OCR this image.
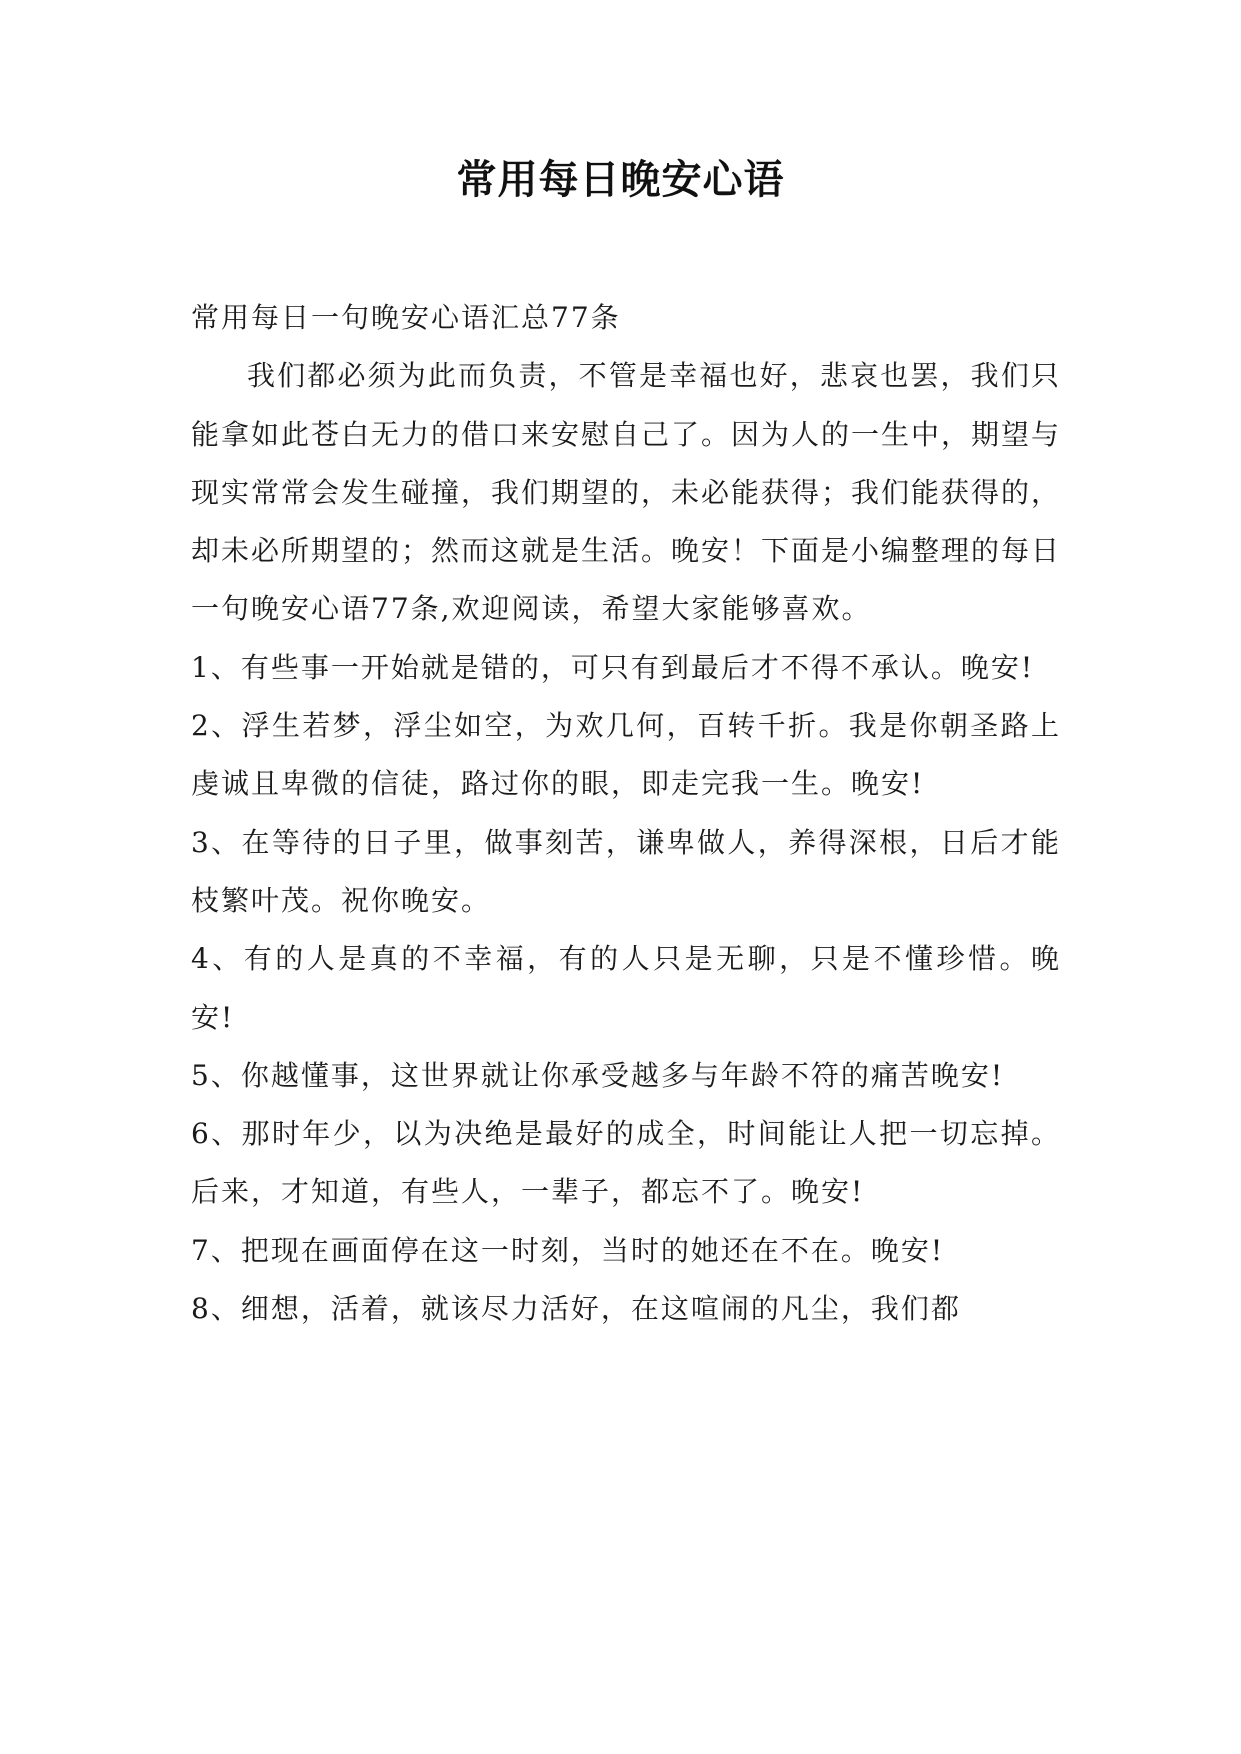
常用每日晚安心语

常用每日一句晚安心语汇总77条

我们都必须为此而负责，不管是幸福也好，悲哀也罢，我们只能拿如此苍白无力的借口来安慰自己了。因为人的一生中，期望与现实常常会发生碰撞，我们期望的，未必能获得；我们能获得的，却未必所期望的；然而这就是生活。晚安！下面是小编整理的每日一句晚安心语77条,欢迎阅读，希望大家能够喜欢。

1、有些事一开始就是错的，可只有到最后才不得不承认。晚安!

2、浮生若梦，浮尘如空，为欢几何，百转千折。我是你朝圣路上虔诚且卑微的信徒，路过你的眼，即走完我一生。晚安!

3、在等待的日子里，做事刻苦，谦卑做人，养得深根，日后才能枝繁叶茂。祝你晚安。

4、有的人是真的不幸福，有的人只是无聊，只是不懂珍惜。晚安!

5、你越懂事，这世界就让你承受越多与年龄不符的痛苦晚安!

6、那时年少，以为决绝是最好的成全，时间能让人把一切忘掉。后来，才知道，有些人，一辈子，都忘不了。晚安!

7、把现在画面停在这一时刻，当时的她还在不在。晚安!

8、细想，活着，就该尽力活好，在这喧闹的凡尘，我们都
